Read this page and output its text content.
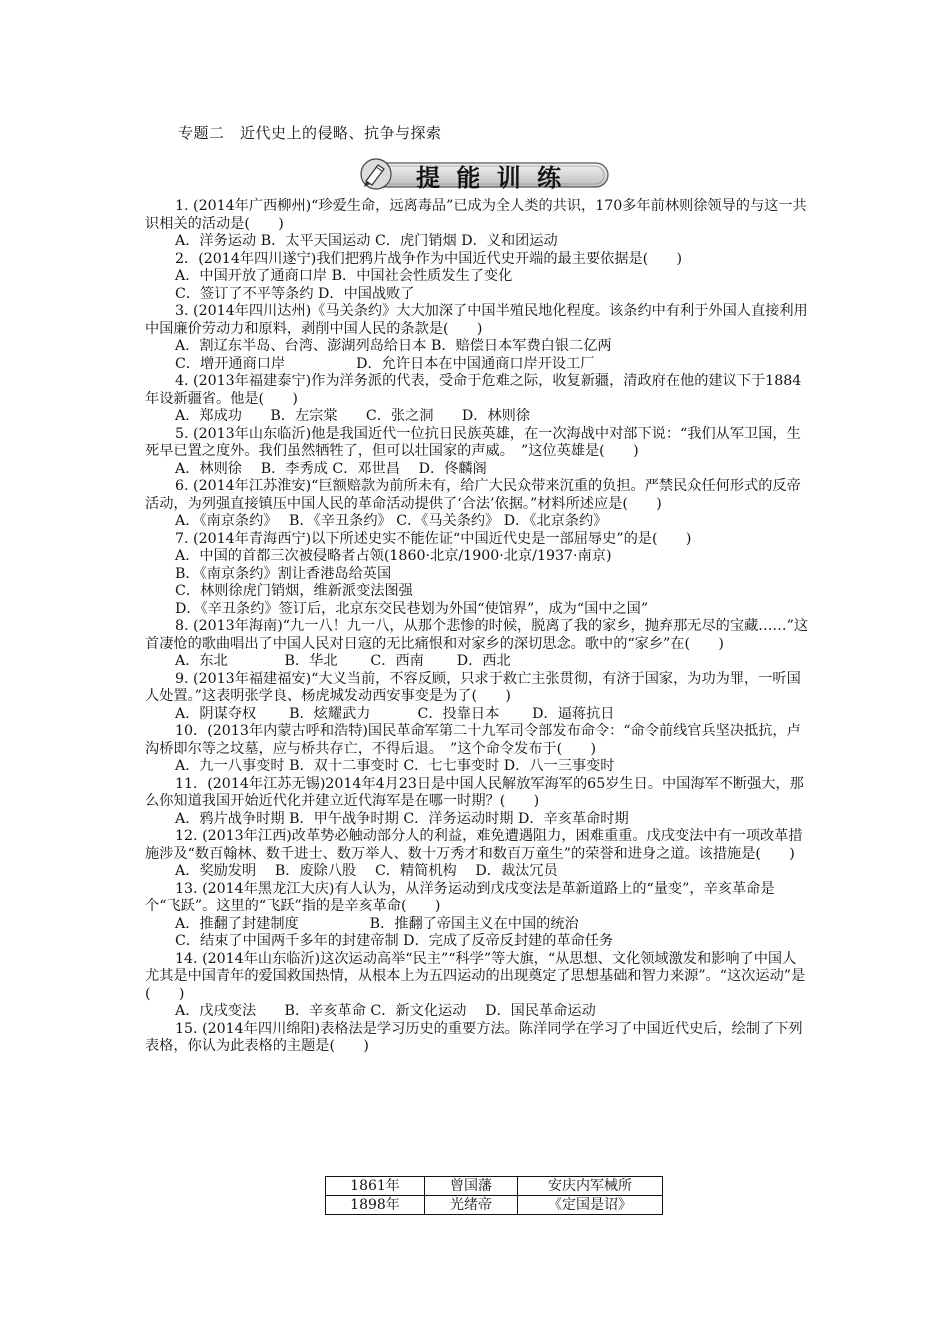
专题二　近代史上的侵略、抗争与探索
提 能 训 练

1. (2014年广西柳州)“珍爱生命，远离毒品”已成为全人类的共识，170多年前林则徐领导的与这一共识相关的活动是(　　)

A．洋务运动 B．太平天国运动 C．虎门销烟 D．义和团运动

2．(2014年四川遂宁)我们把鸦片战争作为中国近代史开端的最主要依据是(　　)

A．中国开放了通商口岸 B．中国社会性质发生了变化

C．签订了不平等条约 D．中国战败了

3. (2014年四川达州)《马关条约》大大加深了中国半殖民地化程度。该条约中有利于外国人直接利用中国廉价劳动力和原料，剥削中国人民的条款是(　　)

A．割辽东半岛、台湾、澎湖列岛给日本 B．赔偿日本军费白银二亿两

C．增开通商口岸　　　　　D．允许日本在中国通商口岸开设工厂

4. (2013年福建泰宁)作为洋务派的代表，受命于危难之际，收复新疆，清政府在他的建议下于1884年设新疆省。他是(　　)

A．郑成功　　B．左宗棠　　C．张之洞　　D．林则徐

5. (2013年山东临沂)他是我国近代一位抗日民族英雄，在一次海战中对部下说：“我们从军卫国，生死早已置之度外。我们虽然牺牲了，但可以壮国家的声威。　”这位英雄是(　　)

A．林则徐　 B．李秀成 C．邓世昌　 D．佟麟阁

6. (2014年江苏淮安)“巨额赔款为前所未有，给广大民众带来沉重的负担。严禁民众任何形式的反帝活动，为列强直接镇压中国人民的革命活动提供了‘合法’依据。”材料所述应是(　　)

A．《南京条约》　 B．《辛丑条约》 C．《马关条约》 D．《北京条约》

7. (2014年青海西宁)以下所述史实不能佐证“中国近代史是一部屈辱史”的是(　　)

A．中国的首都三次被侵略者占领(1860·北京/1900·北京/1937·南京)

B．《南京条约》割让香港岛给英国

C．林则徐虎门销烟，维新派变法图强

D．《辛丑条约》签订后，北京东交民巷划为外国“使馆界”，成为“国中之国”

8. (2013年海南)“九一八！九一八，从那个悲惨的时候，脱离了我的家乡，抛弃那无尽的宝藏……”这首凄怆的歌曲唱出了中国人民对日寇的无比痛恨和对家乡的深切思念。歌中的“家乡”在(　　)

A．东北　　　　B．华北　　 C．西南　　 D．西北

9. (2013年福建福安)“大义当前，不容反顾，只求于救亡主张贯彻，有济于国家，为功为罪，一听国人处置。”这表明张学良、杨虎城发动西安事变是为了(　　)

A．阴谋夺权　　 B．炫耀武力　　　 C．投靠日本　　 D．逼蒋抗日

10．(2013年内蒙古呼和浩特)国民革命军第二十九军司令部发布命令：“命令前线官兵坚决抵抗，卢沟桥即尔等之坟墓，应与桥共存亡，不得后退。　”这个命令发布于(　　)

A．九一八事变时 B．双十二事变时 C．七七事变时 D．八一三事变时

11．(2014年江苏无锡)2014年4月23日是中国人民解放军海军的65岁生日。中国海军不断强大，那么你知道我国开始近代化并建立近代海军是在哪一时期？(　　)

A．鸦片战争时期 B．甲午战争时期 C．洋务运动时期 D．辛亥革命时期

12. (2013年江西)改革势必触动部分人的利益，难免遭遇阻力，困难重重。戊戌变法中有一项改革措施涉及“数百翰林、数千进士、数万举人、数十万秀才和数百万童生”的荣誉和进身之道。该措施是(　　)

A．奖励发明　 B．废除八股　 C．精简机构　 D．裁汰冗员

13. (2014年黑龙江大庆)有人认为，从洋务运动到戊戌变法是革新道路上的“量变”，辛亥革命是个“飞跃”。这里的“飞跃”指的是辛亥革命(　　)

A．推翻了封建制度　　　　　B．推翻了帝国主义在中国的统治

C．结束了中国两千多年的封建帝制 D．完成了反帝反封建的革命任务

14. (2014年山东临沂)这次运动高举“民主”“科学”等大旗，“从思想、文化领域激发和影响了中国人尤其是中国青年的爱国救国热情，从根本上为五四运动的出现奠定了思想基础和智力来源”。“这次运动”是(　　)

A．戊戌变法　　B．辛亥革命 C．新文化运动　 D．国民革命运动

15. (2014年四川绵阳)表格法是学习历史的重要方法。陈洋同学在学习了中国近代史后，绘制了下列表格，你认为此表格的主题是(　　)

1861年	曾国藩	安庆内军械所
1898年	光绪帝	《定国是诏》
